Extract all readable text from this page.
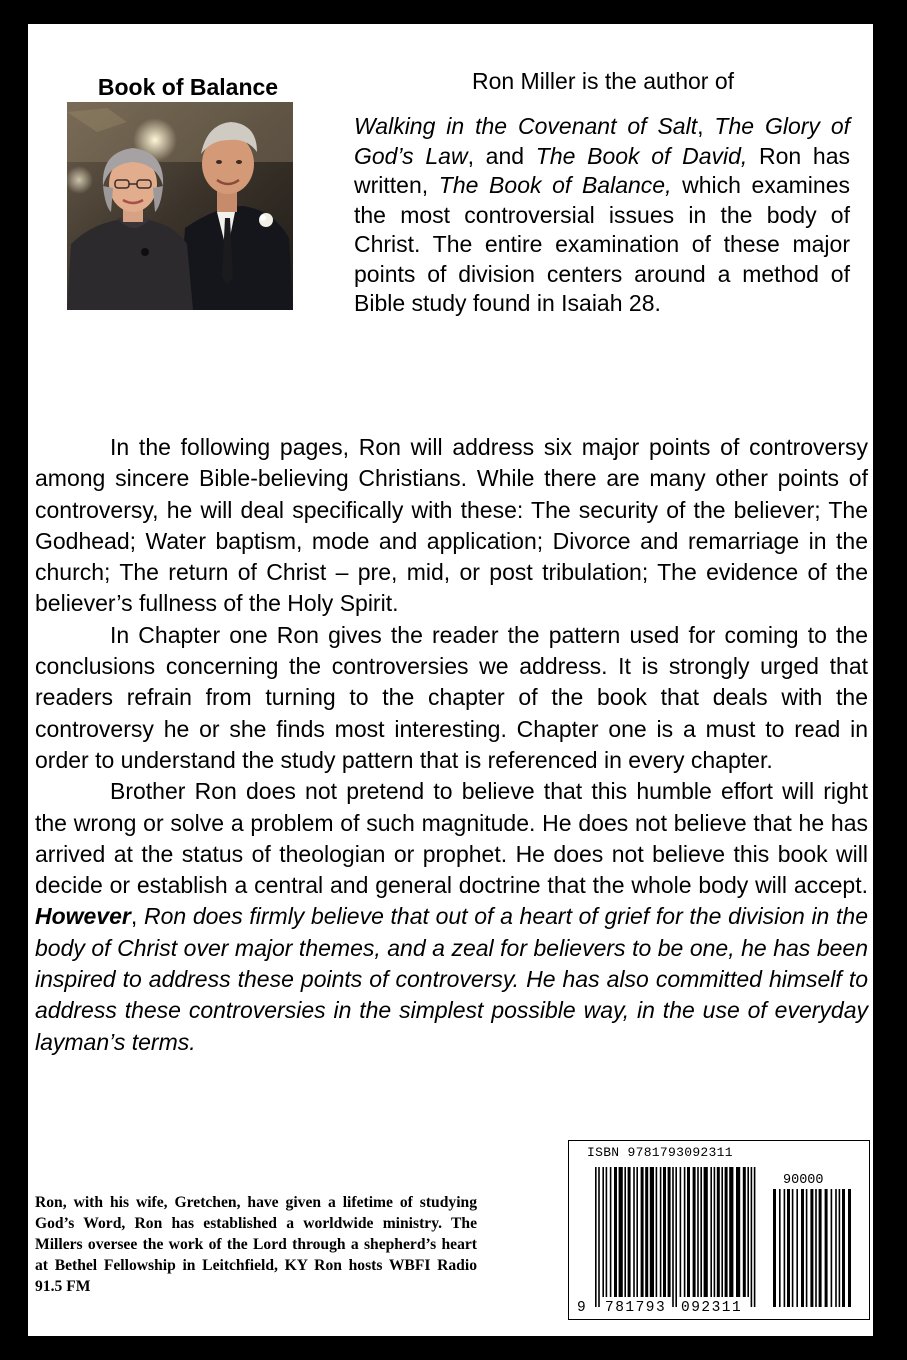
Book of Balance	Ron Miller is the author of

Walking in the Covenant of Salt, The Glory of God’s Law, and The Book of David, Ron has written, The Book of Balance, which examines the most controversial issues in the body of Christ. The entire examination of these major points of division centers around a method of Bible study found in Isaiah 28.

In the following pages, Ron will address six major points of controversy among sincere Bible-believing Christians. While there are many other points of controversy, he will deal specifically with these: The security of the believer; The Godhead; Water baptism, mode and application; Divorce and remarriage in the church; The return of Christ – pre, mid, or post tribulation; The evidence of the believer’s fullness of the Holy Spirit.

In Chapter one Ron gives the reader the pattern used for coming to the conclusions concerning the controversies we address. It is strongly urged that readers refrain from turning to the chapter of the book that deals with the controversy he or she finds most interesting. Chapter one is a must to read in order to understand the study pattern that is referenced in every chapter.

Brother Ron does not pretend to believe that this humble effort will right the wrong or solve a problem of such magnitude. He does not believe that he has arrived at the status of theologian or prophet. He does not believe this book will decide or establish a central and general doctrine that the whole body will accept. However, Ron does firmly believe that out of a heart of grief for the division in the body of Christ over major themes, and a zeal for believers to be one, he has been inspired to address these points of controversy. He has also committed himself to address these controversies in the simplest possible way, in the use of everyday layman’s terms.

Ron, with his wife, Gretchen, have given a lifetime of studying God’s Word, Ron has established a worldwide ministry. The Millers oversee the work of the Lord through a shepherd’s heart at Bethel Fellowship in Leitchfield, KY Ron hosts WBFI Radio 91.5 FM

ISBN 9781793092311
90000
9 781793 092311
